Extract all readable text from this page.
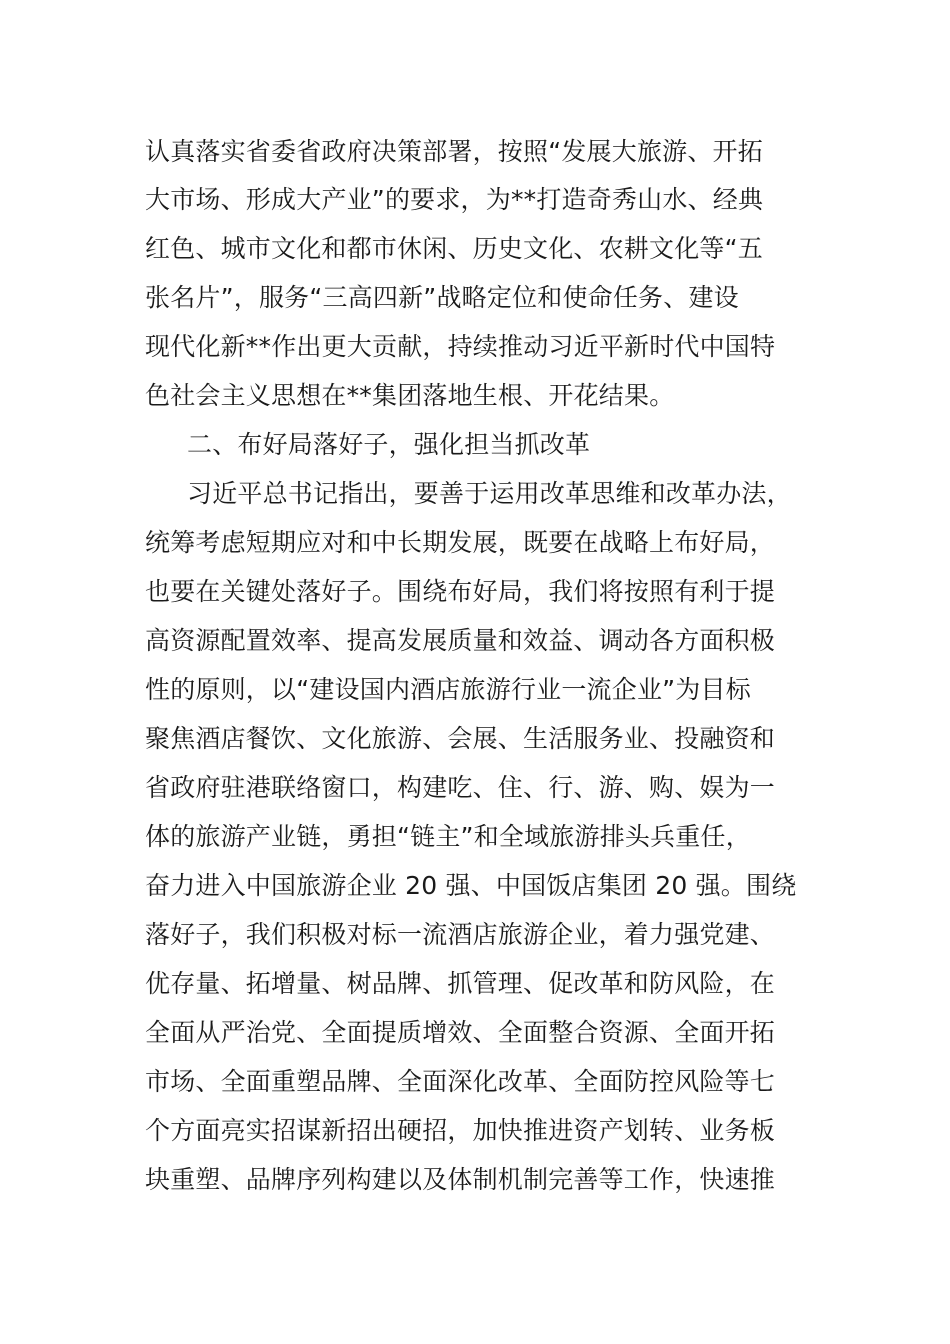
认真落实省委省政府决策部署，按照“发展大旅游、开拓
大市场、形成大产业”的要求，为**打造奇秀山水、经典
红色、城市文化和都市休闲、历史文化、农耕文化等“五
张名片”，服务“三高四新”战略定位和使命任务、建设
现代化新**作出更大贡献，持续推动习近平新时代中国特
色社会主义思想在**集团落地生根、开花结果。
二、布好局落好子，强化担当抓改革
习近平总书记指出，要善于运用改革思维和改革办法，
统筹考虑短期应对和中长期发展，既要在战略上布好局，
也要在关键处落好子。围绕布好局，我们将按照有利于提
高资源配置效率、提高发展质量和效益、调动各方面积极
性的原则，以“建设国内酒店旅游行业一流企业”为目标
聚焦酒店餐饮、文化旅游、会展、生活服务业、投融资和
省政府驻港联络窗口，构建吃、住、行、游、购、娱为一
体的旅游产业链，勇担“链主”和全域旅游排头兵重任，
奋力进入中国旅游企业 20 强、中国饭店集团 20 强。围绕
落好子，我们积极对标一流酒店旅游企业，着力强党建、
优存量、拓增量、树品牌、抓管理、促改革和防风险，在
全面从严治党、全面提质增效、全面整合资源、全面开拓
市场、全面重塑品牌、全面深化改革、全面防控风险等七
个方面亮实招谋新招出硬招，加快推进资产划转、业务板
块重塑、品牌序列构建以及体制机制完善等工作，快速推
